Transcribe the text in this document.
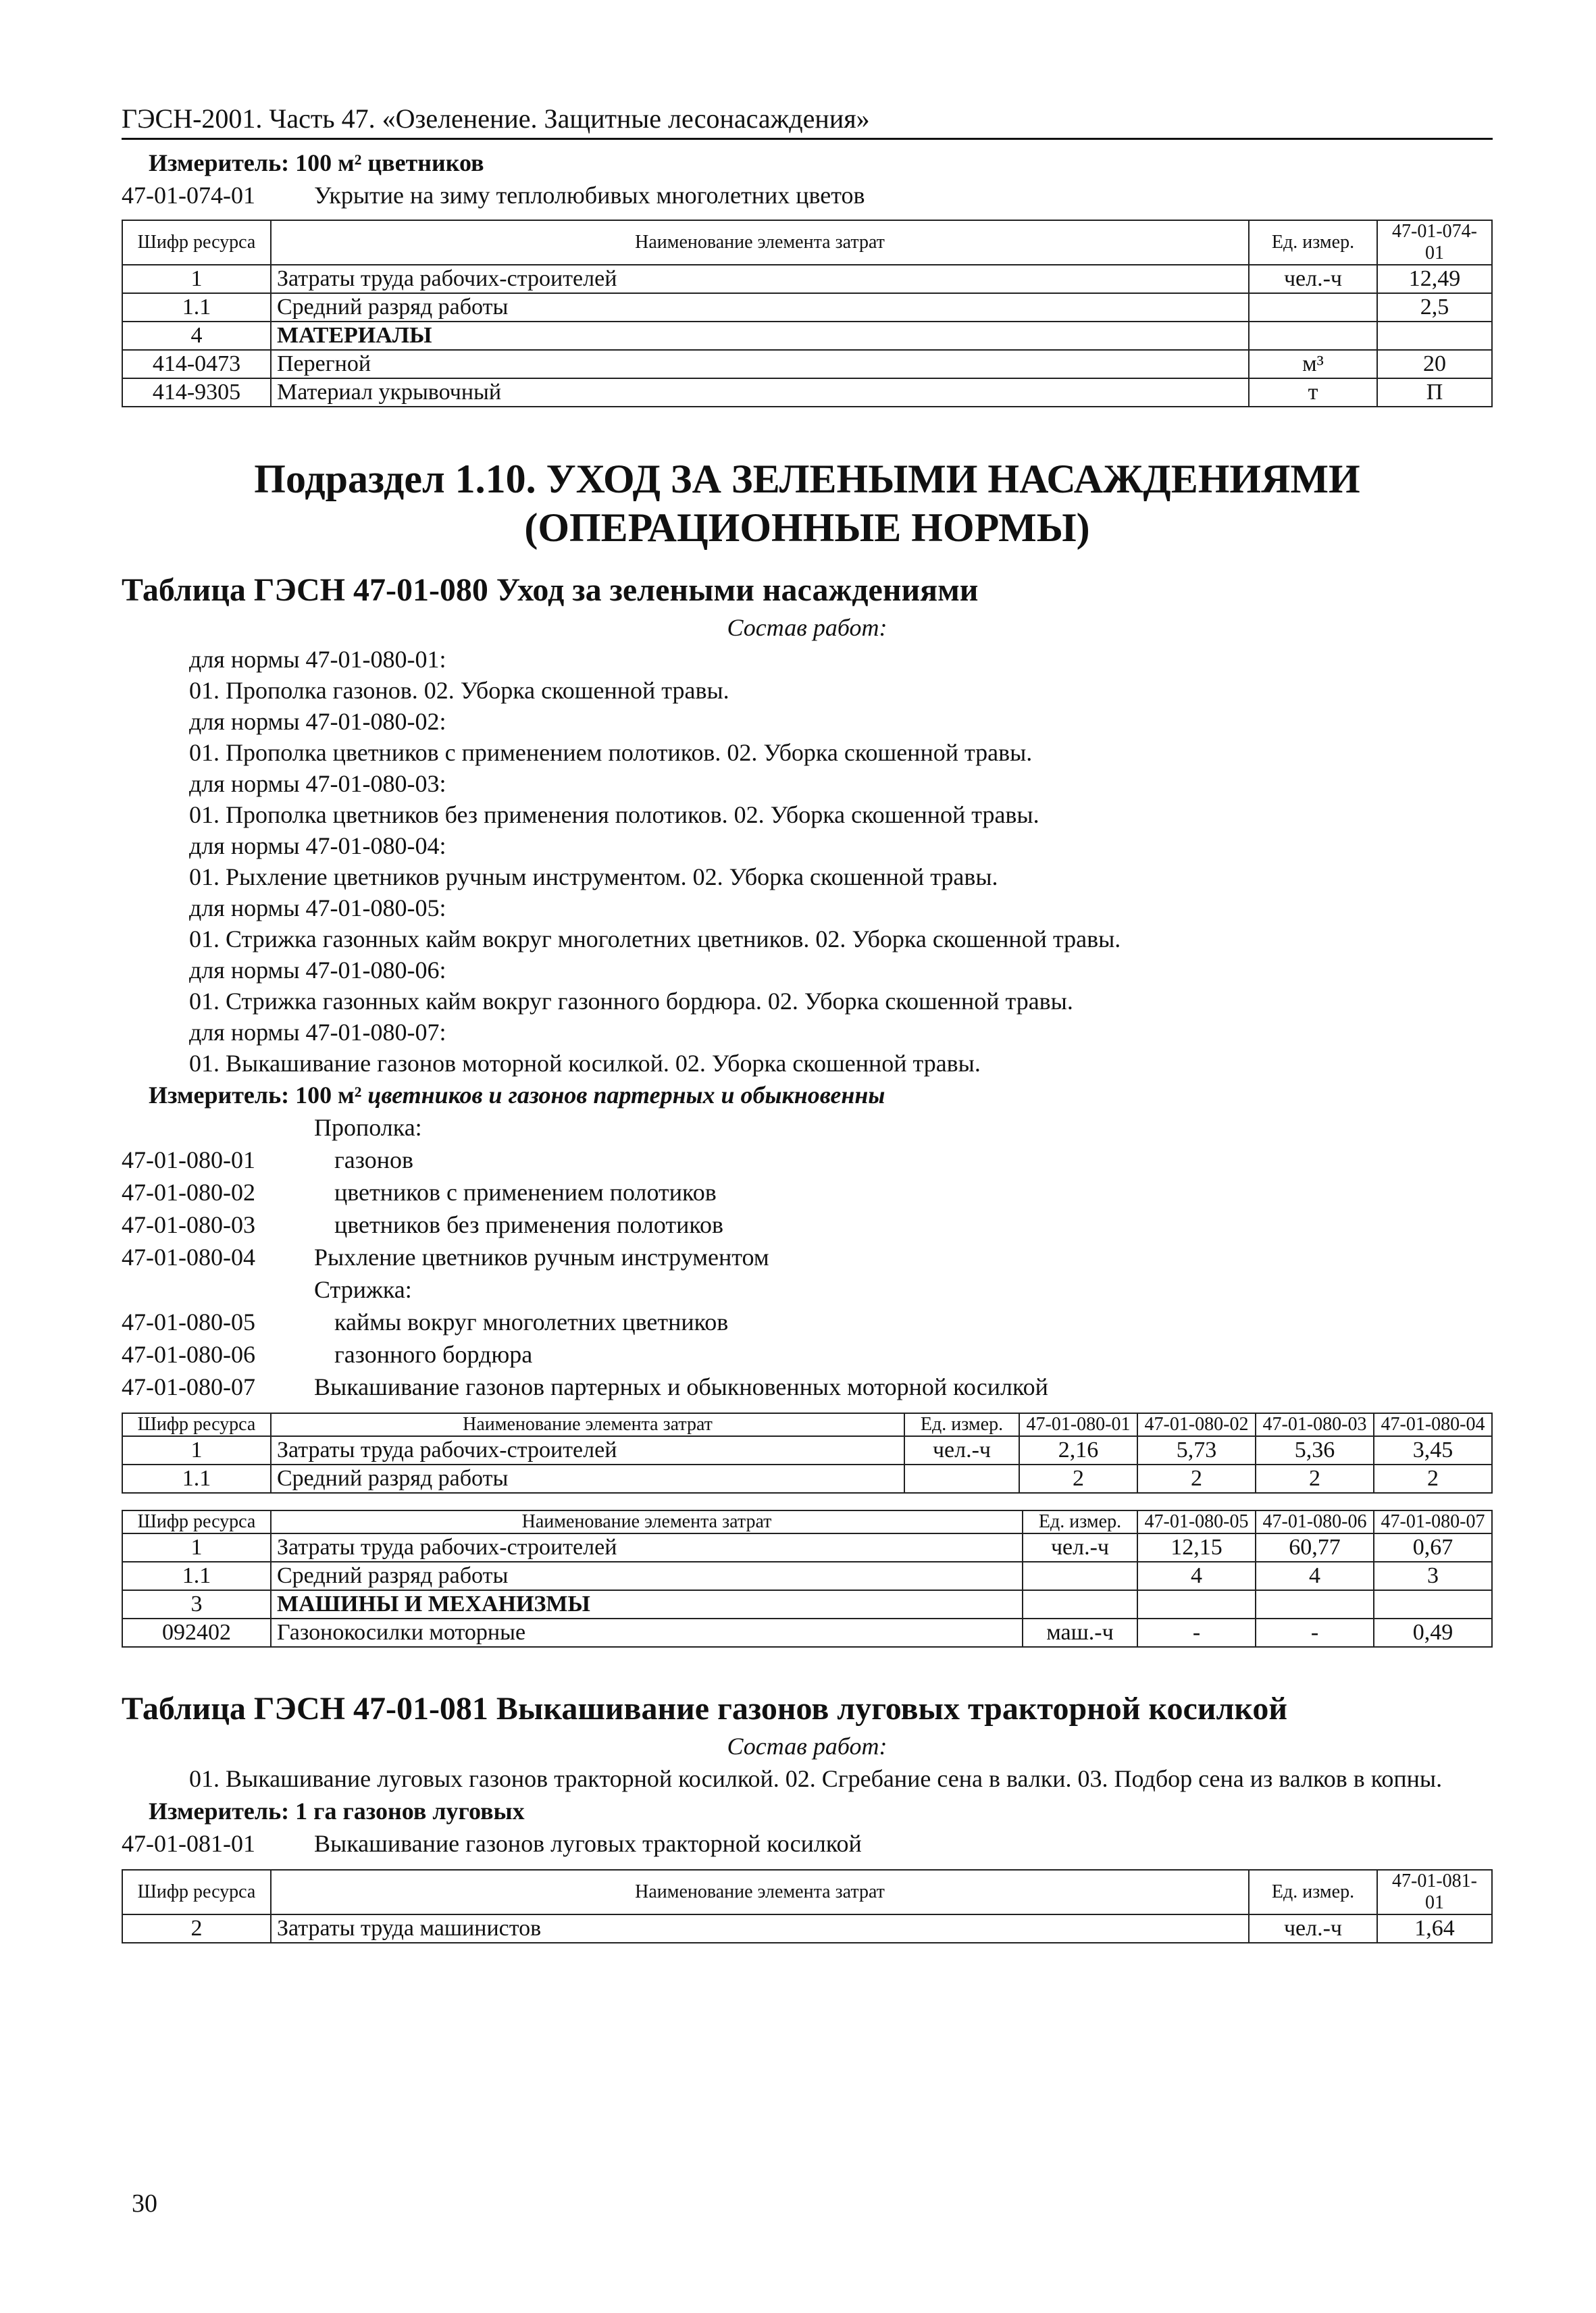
ГЭСН-2001. Часть 47. «Озеленение. Защитные лесонасаждения»
Измеритель: 100 м² цветников
47-01-074-01	Укрытие на зиму теплолюбивых многолетних цветов
Шифр ресурса	Наименование элемента затрат	Ед. измер.	47-01-074-01
1	Затраты труда рабочих-строителей	чел.-ч	12,49
1.1	Средний разряд работы		2,5
4	МАТЕРИАЛЫ		
414-0473	Перегной	м³	20
414-9305	Материал укрывочный	т	П
Подраздел 1.10. УХОД ЗА ЗЕЛЕНЫМИ НАСАЖДЕНИЯМИ
(ОПЕРАЦИОННЫЕ НОРМЫ)
Таблица ГЭСН 47-01-080 Уход за зелеными насаждениями
Состав работ:
для нормы 47-01-080-01:
01. Прополка газонов. 02. Уборка скошенной травы.
для нормы 47-01-080-02:
01. Прополка цветников с применением полотиков. 02. Уборка скошенной травы.
для нормы 47-01-080-03:
01. Прополка цветников без применения полотиков. 02. Уборка скошенной травы.
для нормы 47-01-080-04:
01. Рыхление цветников ручным инструментом. 02. Уборка скошенной травы.
для нормы 47-01-080-05:
01. Стрижка газонных кайм вокруг многолетних цветников. 02. Уборка скошенной травы.
для нормы 47-01-080-06:
01. Стрижка газонных кайм вокруг газонного бордюра. 02. Уборка скошенной травы.
для нормы 47-01-080-07:
01. Выкашивание газонов моторной косилкой. 02. Уборка скошенной травы.
Измеритель: 100 м² цветников и газонов партерных и обыкновенны
Прополка:
47-01-080-01	газонов
47-01-080-02	цветников с применением полотиков
47-01-080-03	цветников без применения полотиков
47-01-080-04	Рыхление цветников ручным инструментом
Стрижка:
47-01-080-05	каймы вокруг многолетних цветников
47-01-080-06	газонного бордюра
47-01-080-07	Выкашивание газонов партерных и обыкновенных моторной косилкой
Шифр ресурса	Наименование элемента затрат	Ед. измер.	47-01-080-01	47-01-080-02	47-01-080-03	47-01-080-04
1	Затраты труда рабочих-строителей	чел.-ч	2,16	5,73	5,36	3,45
1.1	Средний разряд работы		2	2	2	2
Шифр ресурса	Наименование элемента затрат	Ед. измер.	47-01-080-05	47-01-080-06	47-01-080-07
1	Затраты труда рабочих-строителей	чел.-ч	12,15	60,77	0,67
1.1	Средний разряд работы		4	4	3
3	МАШИНЫ И МЕХАНИЗМЫ				
092402	Газонокосилки моторные	маш.-ч	-	-	0,49
Таблица ГЭСН 47-01-081 Выкашивание газонов луговых тракторной косилкой
Состав работ:
01. Выкашивание луговых газонов тракторной косилкой. 02. Сгребание сена в валки. 03. Подбор сена из валков в копны.
Измеритель: 1 га газонов луговых
47-01-081-01	Выкашивание газонов луговых тракторной косилкой
Шифр ресурса	Наименование элемента затрат	Ед. измер.	47-01-081-01
2	Затраты труда машинистов	чел.-ч	1,64
30
